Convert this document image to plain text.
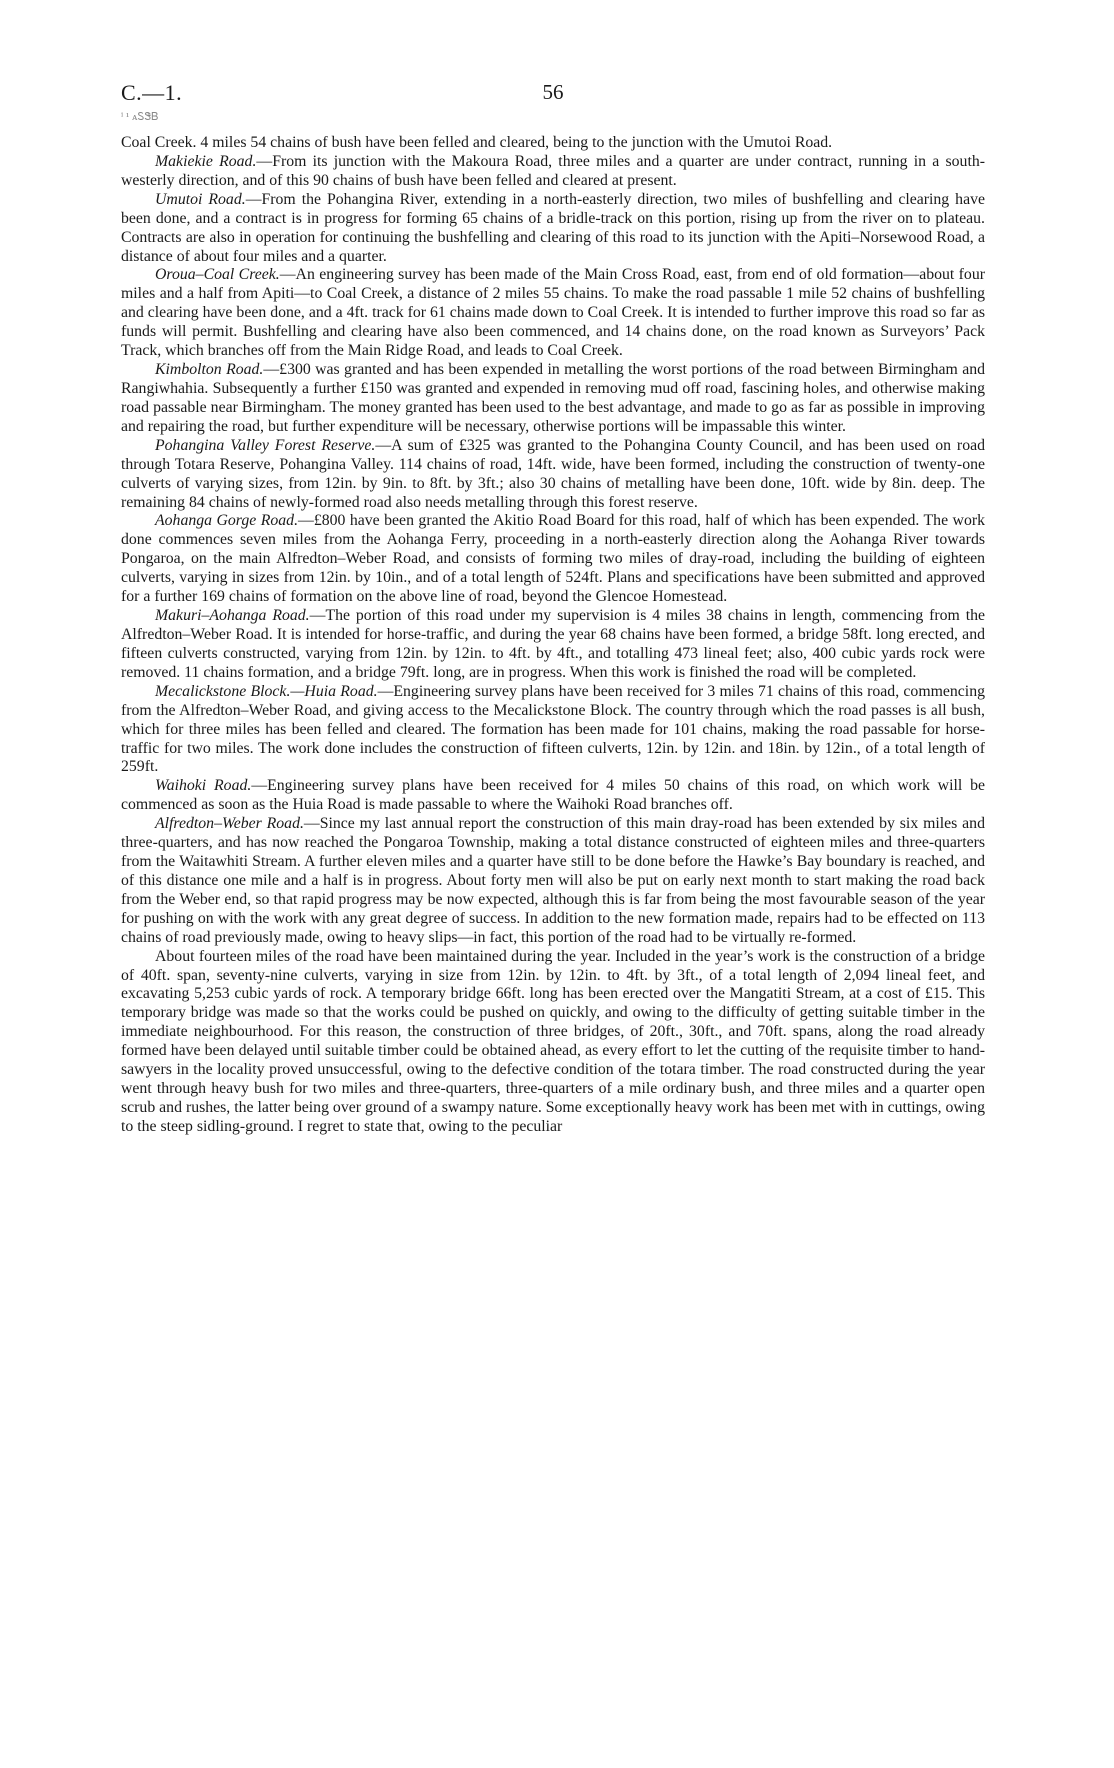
C.—1.	56
ⁱ ¹ ᴀᏚᏕᏴ

Coal Creek. 4 miles 54 chains of bush have been felled and cleared, being to the junction with the Umutoi Road.

Makiekie Road.—From its junction with the Makoura Road, three miles and a quarter are under contract, running in a south-westerly direction, and of this 90 chains of bush have been felled and cleared at present.

Umutoi Road.—From the Pohangina River, extending in a north-easterly direction, two miles of bushfelling and clearing have been done, and a contract is in progress for forming 65 chains of a bridle-track on this portion, rising up from the river on to plateau. Contracts are also in operation for continuing the bushfelling and clearing of this road to its junction with the Apiti–Norsewood Road, a distance of about four miles and a quarter.

Oroua–Coal Creek.—An engineering survey has been made of the Main Cross Road, east, from end of old formation—about four miles and a half from Apiti—to Coal Creek, a distance of 2 miles 55 chains. To make the road passable 1 mile 52 chains of bushfelling and clearing have been done, and a 4ft. track for 61 chains made down to Coal Creek. It is intended to further improve this road so far as funds will permit. Bushfelling and clearing have also been commenced, and 14 chains done, on the road known as Surveyors’ Pack Track, which branches off from the Main Ridge Road, and leads to Coal Creek.

Kimbolton Road.—£300 was granted and has been expended in metalling the worst portions of the road between Birmingham and Rangiwhahia. Subsequently a further £150 was granted and expended in removing mud off road, fascining holes, and otherwise making road passable near Birmingham. The money granted has been used to the best advantage, and made to go as far as possible in improving and repairing the road, but further expenditure will be necessary, otherwise portions will be impassable this winter.

Pohangina Valley Forest Reserve.—A sum of £325 was granted to the Pohangina County Council, and has been used on road through Totara Reserve, Pohangina Valley. 114 chains of road, 14ft. wide, have been formed, including the construction of twenty-one culverts of varying sizes, from 12in. by 9in. to 8ft. by 3ft.; also 30 chains of metalling have been done, 10ft. wide by 8in. deep. The remaining 84 chains of newly-formed road also needs metalling through this forest reserve.

Aohanga Gorge Road.—£800 have been granted the Akitio Road Board for this road, half of which has been expended. The work done commences seven miles from the Aohanga Ferry, proceeding in a north-easterly direction along the Aohanga River towards Pongaroa, on the main Alfredton–Weber Road, and consists of forming two miles of dray-road, including the building of eighteen culverts, varying in sizes from 12in. by 10in., and of a total length of 524ft. Plans and specifications have been submitted and approved for a further 169 chains of formation on the above line of road, beyond the Glencoe Homestead.

Makuri–Aohanga Road.—The portion of this road under my supervision is 4 miles 38 chains in length, commencing from the Alfredton–Weber Road. It is intended for horse-traffic, and during the year 68 chains have been formed, a bridge 58ft. long erected, and fifteen culverts constructed, varying from 12in. by 12in. to 4ft. by 4ft., and totalling 473 lineal feet; also, 400 cubic yards rock were removed. 11 chains formation, and a bridge 79ft. long, are in progress. When this work is finished the road will be completed.

Mecalickstone Block.—Huia Road.—Engineering survey plans have been received for 3 miles 71 chains of this road, commencing from the Alfredton–Weber Road, and giving access to the Mecalickstone Block. The country through which the road passes is all bush, which for three miles has been felled and cleared. The formation has been made for 101 chains, making the road passable for horse-traffic for two miles. The work done includes the construction of fifteen culverts, 12in. by 12in. and 18in. by 12in., of a total length of 259ft.

Waihoki Road.—Engineering survey plans have been received for 4 miles 50 chains of this road, on which work will be commenced as soon as the Huia Road is made passable to where the Waihoki Road branches off.

Alfredton–Weber Road.—Since my last annual report the construction of this main dray-road has been extended by six miles and three-quarters, and has now reached the Pongaroa Township, making a total distance constructed of eighteen miles and three-quarters from the Waitawhiti Stream. A further eleven miles and a quarter have still to be done before the Hawke’s Bay boundary is reached, and of this distance one mile and a half is in progress. About forty men will also be put on early next month to start making the road back from the Weber end, so that rapid progress may be now expected, although this is far from being the most favourable season of the year for pushing on with the work with any great degree of success. In addition to the new formation made, repairs had to be effected on 113 chains of road previously made, owing to heavy slips—in fact, this portion of the road had to be virtually re-formed.

About fourteen miles of the road have been maintained during the year. Included in the year’s work is the construction of a bridge of 40ft. span, seventy-nine culverts, varying in size from 12in. by 12in. to 4ft. by 3ft., of a total length of 2,094 lineal feet, and excavating 5,253 cubic yards of rock. A temporary bridge 66ft. long has been erected over the Mangatiti Stream, at a cost of £15. This temporary bridge was made so that the works could be pushed on quickly, and owing to the difficulty of getting suitable timber in the immediate neighbourhood. For this reason, the construction of three bridges, of 20ft., 30ft., and 70ft. spans, along the road already formed have been delayed until suitable timber could be obtained ahead, as every effort to let the cutting of the requisite timber to hand-sawyers in the locality proved unsuccessful, owing to the defective condition of the totara timber. The road constructed during the year went through heavy bush for two miles and three-quarters, three-quarters of a mile ordinary bush, and three miles and a quarter open scrub and rushes, the latter being over ground of a swampy nature. Some exceptionally heavy work has been met with in cuttings, owing to the steep sidling-ground. I regret to state that, owing to the peculiar
